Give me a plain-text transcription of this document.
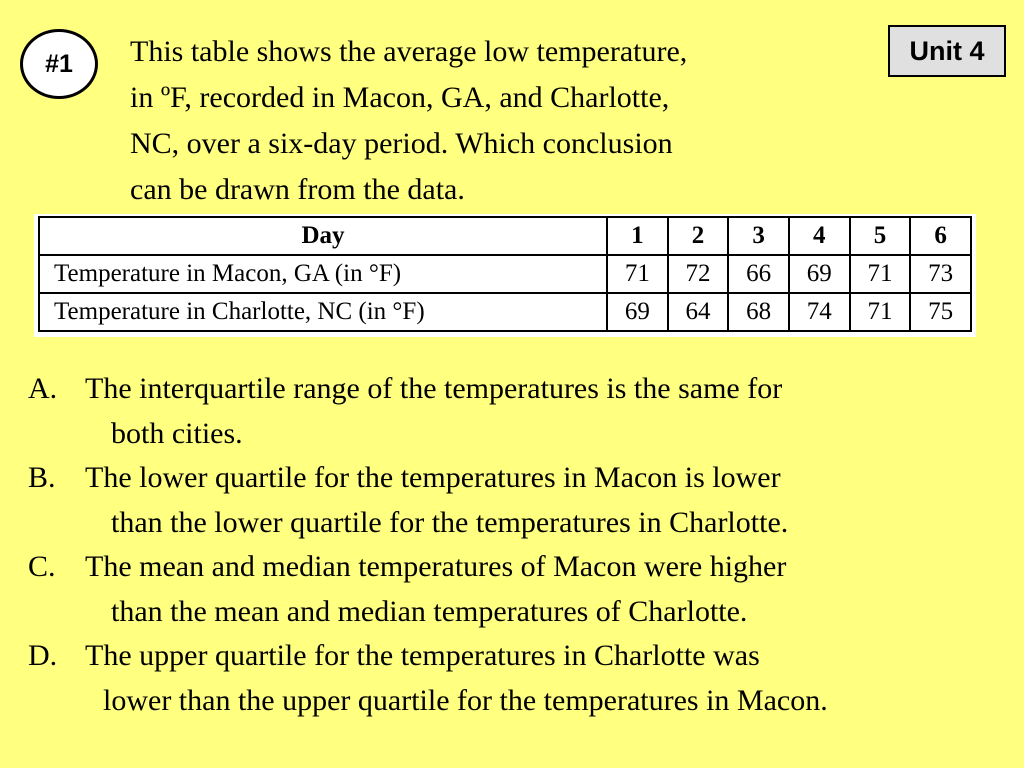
#1	Unit 4
This table shows the average low temperature,
in ºF, recorded in Macon, GA, and Charlotte,
NC, over a six-day period. Which conclusion
can be drawn from the data.
Day	1	2	3	4	5	6
Temperature in Macon, GA (in °F)	71	72	66	69	71	73
Temperature in Charlotte, NC (in °F)	69	64	68	74	71	75
A. The interquartile range of the temperatures is the same for
both cities.
B. The lower quartile for the temperatures in Macon is lower
than the lower quartile for the temperatures in Charlotte.
C. The mean and median temperatures of Macon were higher
than the mean and median temperatures of Charlotte.
D. The upper quartile for the temperatures in Charlotte was
lower than the upper quartile for the temperatures in Macon.
